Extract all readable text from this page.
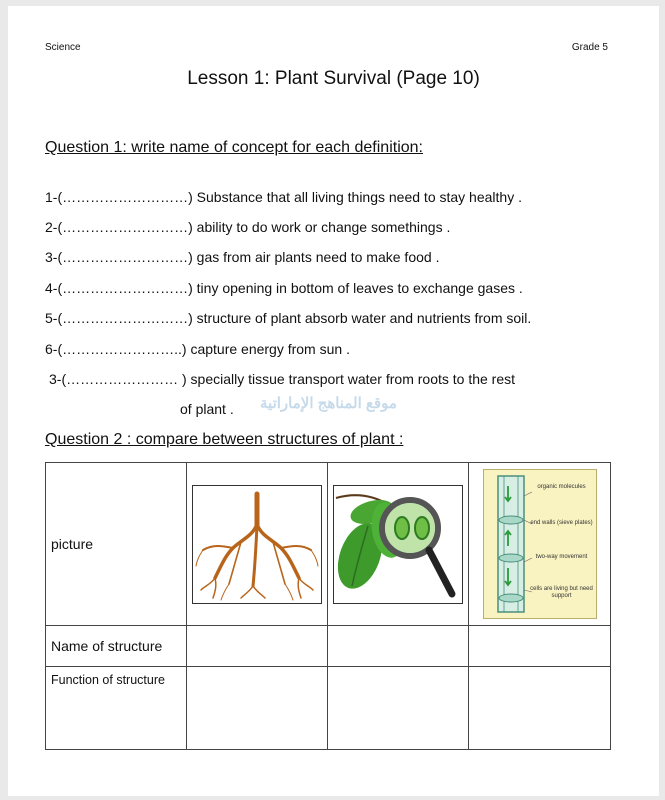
Science	Grade 5
Lesson 1: Plant Survival (Page 10)
Question 1: write name of concept for each definition:
1-(………………………) Substance that all living things need to stay healthy .
2-(………………………) ability to do work or change somethings .
3-(………………………) gas from air plants need to make food .
4-(………………………) tiny opening in bottom of leaves to exchange gases .
5-(………………………) structure of plant absorb water and nutrients from soil.
6-(……………………..) capture energy from sun .
3-(…………………… ) specially tissue transport water from roots to the rest
of plant . موقع المناهج الإماراتية
Question 2 : compare between structures of plant :
picture			organic molecules
end walls (sieve plates)
two-way movement
cells are living but need support

Name of structure			
Function of structure			
